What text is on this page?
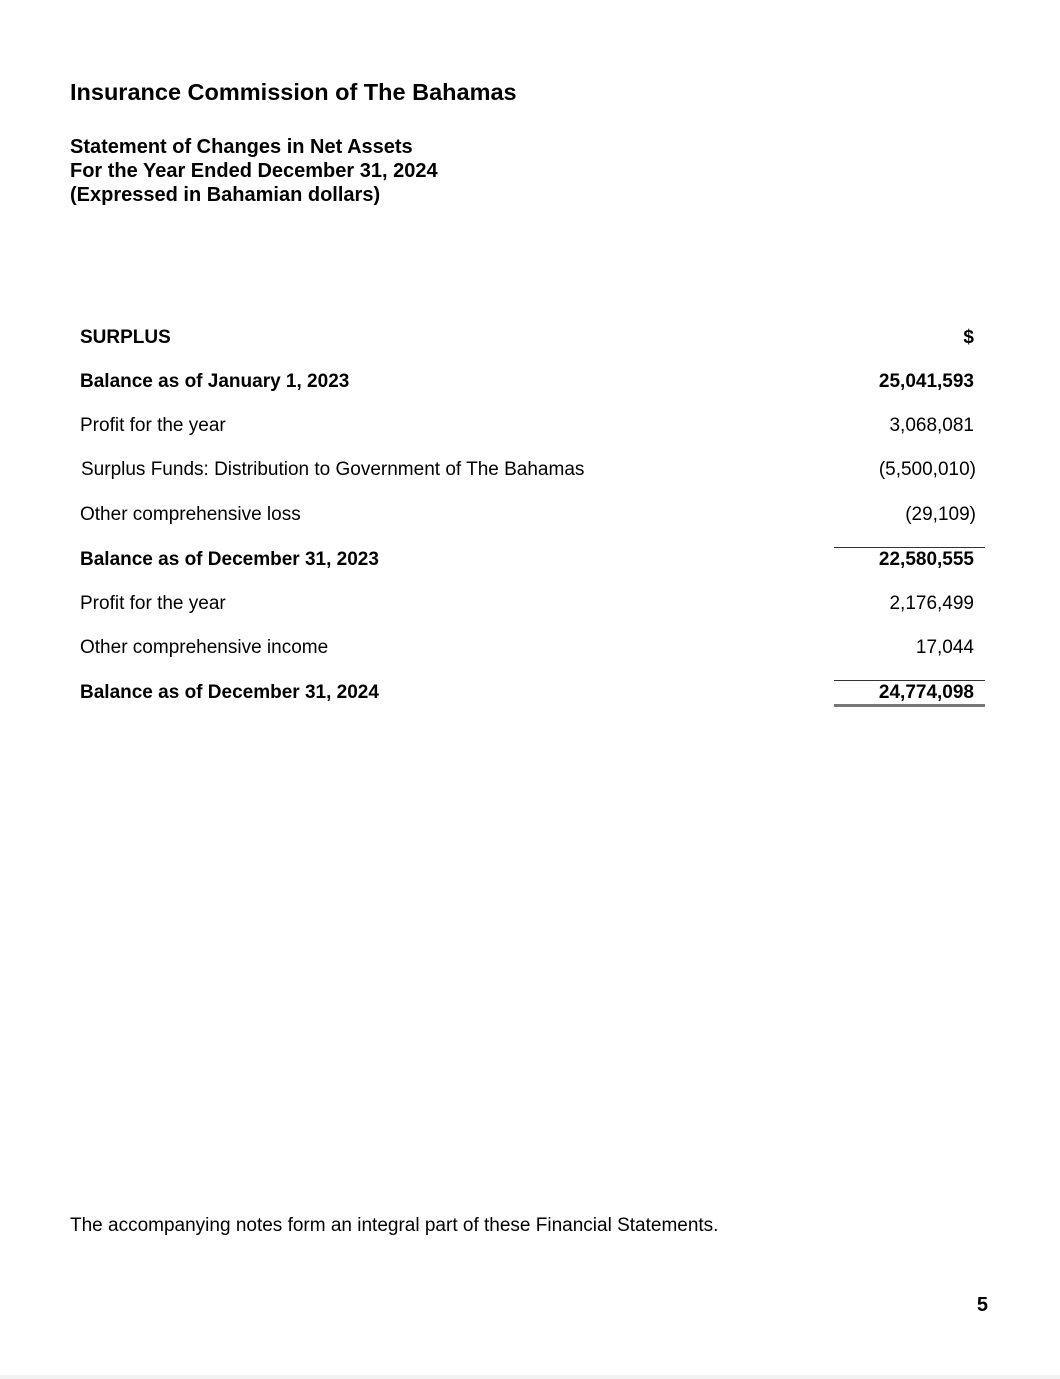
Insurance Commission of The Bahamas
Statement of Changes in Net Assets
For the Year Ended December 31, 2024
(Expressed in Bahamian dollars)
SURPLUS	$
Balance as of January 1, 2023	25,041,593
Profit for the year	3,068,081
Surplus Funds: Distribution to Government of The Bahamas	(5,500,010)
Other comprehensive loss	(29,109)
Balance as of December 31, 2023	22,580,555
Profit for the year	2,176,499
Other comprehensive income	17,044
Balance as of December 31, 2024	24,774,098
The accompanying notes form an integral part of these Financial Statements.
5
